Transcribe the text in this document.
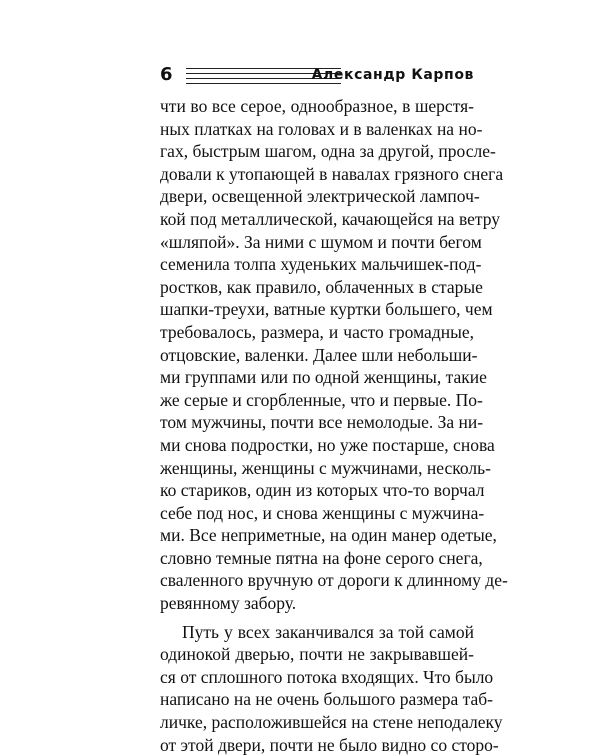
6	Александр Карпов
чти во все серое, однообразное, в шерстя-
ных платках на головах и в валенках на но-
гах, быстрым шагом, одна за другой, прослe-
довали к утопающей в навалах грязного снега
двери, освещенной электрической лампоч-
кой под металлической, качающейся на ветру
«шляпой». За ними с шумом и почти бегом
семенила толпа худеньких мальчишек-под-
ростков, как правило, облаченных в старые
шапки-треухи, ватные куртки большего, чем
требовалось, размера, и часто громадные,
отцовские, валенки. Далее шли небольши-
ми группами или по одной женщины, такие
же серые и сгорбленные, что и первые. По-
том мужчины, почти все немолодые. За ни-
ми снова подростки, но уже постарше, снова
женщины, женщины с мужчинами, несколь-
ко стариков, один из которых что-то ворчал
себе под нос, и снова женщины с мужчина-
ми. Все неприметные, на один манер одетые,
словно темные пятна на фоне серого снега,
сваленного вручную от дороги к длинному де-
ревянному забору.
Путь у всех заканчивался за той самой
одинокой дверью, почти не закрывавшей-
ся от сплошного потока входящих. Что было
написано на не очень большого размера таб-
личке, расположившейся на стене неподалеку
от этой двери, почти не было видно со сторо-
